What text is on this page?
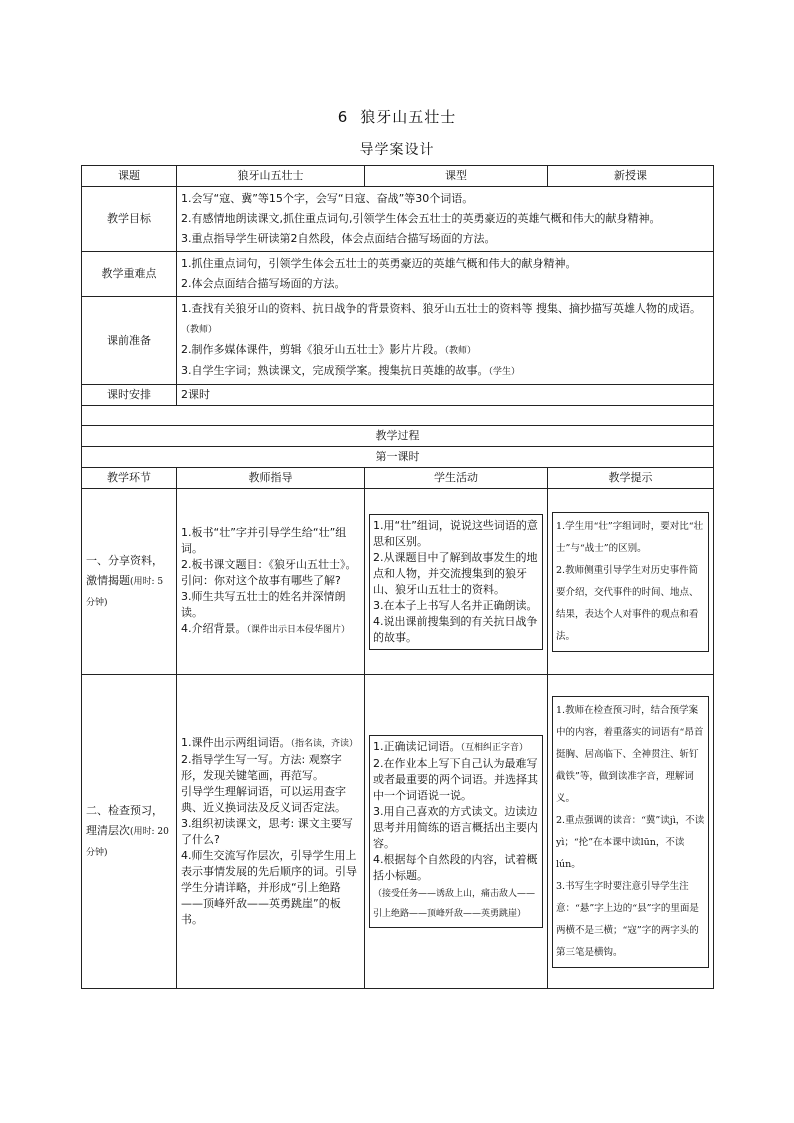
6 狼牙山五壮士
导学案设计
课题	狼牙山五壮士	课型	新授课
教学目标	1.会写“寇、冀”等15个字，会写“日寇、奋战”等30个词语。
2.有感情地朗读课文,抓住重点词句,引领学生体会五壮士的英勇豪迈的英雄气概和伟大的献身精神。
3.重点指导学生研读第2自然段，体会点面结合描写场面的方法。		

教学重难点	1.抓住重点词句，引领学生体会五壮士的英勇豪迈的英雄气概和伟大的献身精神。
2.体会点面结合描写场面的方法。		

课前准备	1.查找有关狼牙山的资料、抗日战争的背景资料、狼牙山五壮士的资料等 搜集、摘抄描写英雄人物的成语。（教师）
2.制作多媒体课件，剪辑《狼牙山五壮士》影片片段。（教师）
3.自学生字词；熟读课文，完成预学案。搜集抗日英雄的故事。（学生）		

课时安排	2课时		

教学过程			
第一课时			
教学环节	教师指导	学生活动	教学提示
一、分享资料，激情揭题(用时: 5分钟)	1.板书“壮”字并引导学生给“壮”组词。
2.板书课文题目：《狼牙山五壮士》。
引问：你对这个故事有哪些了解?
3.师生共写五壮士的姓名并深情朗读。
4.介绍背景。（课件出示日本侵华图片）	1.用“壮”组词，说说这些词语的意思和区别。
2.从课题目中了解到故事发生的地点和人物，并交流搜集到的狼牙山、狼牙山五壮士的资料。
3.在本子上书写人名并正确朗读。
4.说出课前搜集到的有关抗日战争的故事。	1.学生用“壮”字组词时，要对比“壮士”与“战士”的区别。
2.教师侧重引导学生对历史事件简要介绍，交代事件的时间、地点、结果，表达个人对事件的观点和看法。

二、检查预习，理清层次(用时: 20分钟)	1.课件出示两组词语。（指名读，齐读）
2.指导学生写一写。方法: 观察字形，发现关键笔画，再范写。
引导学生理解词语，可以运用查字典、近义换词法及反义词否定法。
3.组织初读课文，思考: 课文主要写了什么?
4.师生交流写作层次，引导学生用上表示事情发展的先后顺序的词。引导学生分请详略，并形成“引上绝路——顶峰歼敌——英勇跳崖”的板书。	1.正确读记词语。（互相纠正字音）
2.在作业本上写下自己认为最难写或者最重要的两个词语。并选择其中一个词语说一说。
3.用自己喜欢的方式读文。边读边思考并用简练的语言概括出主要内容。
4.根据每个自然段的内容，试着概括小标题。
（接受任务——诱敌上山，痛击敌人——引上绝路——顶峰歼敌——英勇跳崖）	1.教师在检查预习时，结合预学案中的内容，着重落实的词语有“昂首挺胸、居高临下、全神贯注、斩钉截铁”等，做到读准字音，理解词义。
2.重点强调的读音：“冀”读jì，不读yì；“抡”在本课中读lūn，不读lún。
3.书写生字时要注意引导学生注意：“悬”字上边的“县”字的里面是两横不是三横；“寇”字的两字头的第三笔是横钩。
